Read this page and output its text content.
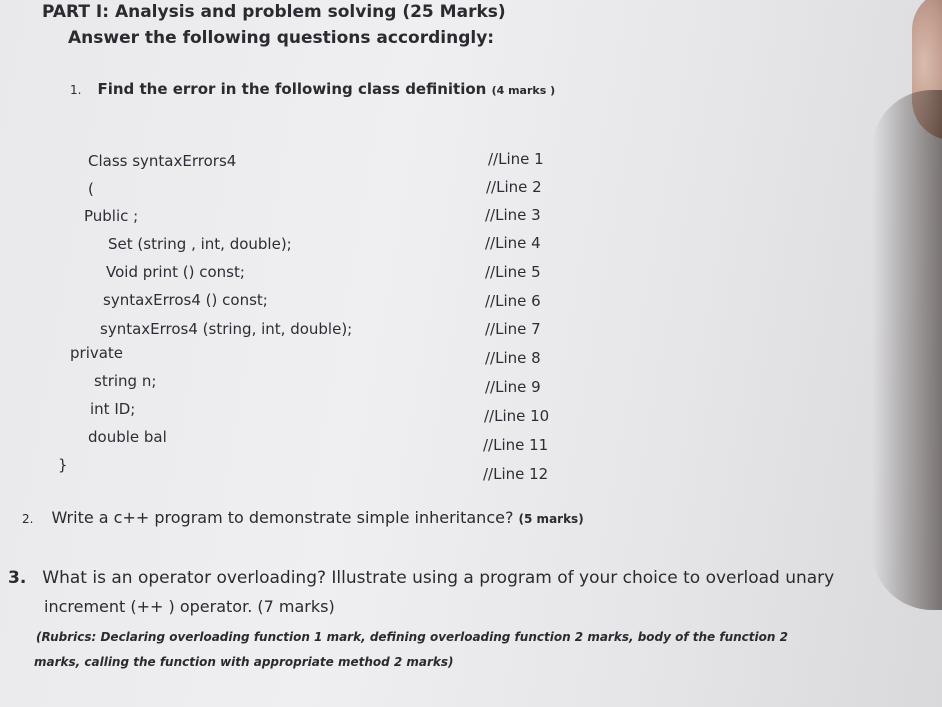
PART I: Analysis and problem solving (25 Marks)
Answer the following questions accordingly:
1. Find the error in the following class definition (4 marks )
Class syntaxErrors4
(
Public ;
Set (string , int, double);
Void print () const;
syntaxErros4 () const;
syntaxErros4 (string, int, double);
private
string n;
int ID;
double bal
}
//Line 1
//Line 2
//Line 3
//Line 4
//Line 5
//Line 6
//Line 7
//Line 8
//Line 9
//Line 10
//Line 11
//Line 12
2. Write a c++ program to demonstrate simple inheritance? (5 marks)
3. What is an operator overloading? Illustrate using a program of your choice to overload unary
increment (++ ) operator. (7 marks)
(Rubrics: Declaring overloading function 1 mark, defining overloading function 2 marks, body of the function 2
marks, calling the function with appropriate method 2 marks)
